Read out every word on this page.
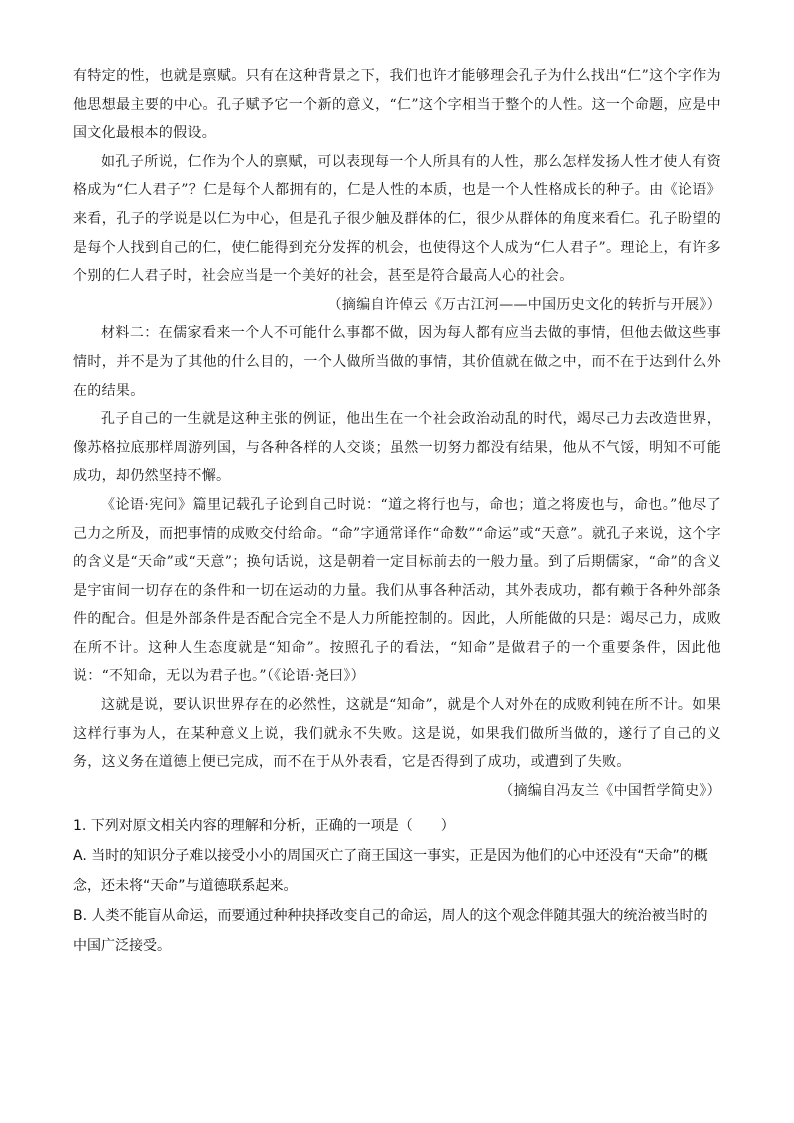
有特定的性，也就是禀赋。只有在这种背景之下，我们也许才能够理会孔子为什么找出“仁”这个字作为他思想最主要的中心。孔子赋予它一个新的意义，“仁”这个字相当于整个的人性。这一个命题，应是中国文化最根本的假设。

如孔子所说，仁作为个人的禀赋，可以表现每一个人所具有的人性，那么怎样发扬人性才使人有资格成为“仁人君子”？仁是每个人都拥有的，仁是人性的本质，也是一个人性格成长的种子。由《论语》来看，孔子的学说是以仁为中心，但是孔子很少触及群体的仁，很少从群体的角度来看仁。孔子盼望的是每个人找到自己的仁，使仁能得到充分发挥的机会，也使得这个人成为“仁人君子”。理论上，有许多个别的仁人君子时，社会应当是一个美好的社会，甚至是符合最高人心的社会。

（摘编自许倬云《万古江河——中国历史文化的转折与开展》）

材料二：在儒家看来一个人不可能什么事都不做，因为每人都有应当去做的事情，但他去做这些事情时，并不是为了其他的什么目的，一个人做所当做的事情，其价值就在做之中，而不在于达到什么外在的结果。

孔子自己的一生就是这种主张的例证，他出生在一个社会政治动乱的时代，竭尽己力去改造世界，像苏格拉底那样周游列国，与各种各样的人交谈；虽然一切努力都没有结果，他从不气馁，明知不可能成功，却仍然坚持不懈。

《论语·宪问》篇里记载孔子论到自己时说：“道之将行也与，命也；道之将废也与，命也。”他尽了己力之所及，而把事情的成败交付给命。“命”字通常译作“命数”“命运”或“天意”。就孔子来说，这个字的含义是“天命”或“天意”；换句话说，这是朝着一定目标前去的一般力量。到了后期儒家，“命”的含义是宇宙间一切存在的条件和一切在运动的力量。我们从事各种活动，其外表成功，都有赖于各种外部条件的配合。但是外部条件是否配合完全不是人力所能控制的。因此，人所能做的只是：竭尽己力，成败在所不计。这种人生态度就是“知命”。按照孔子的看法，“知命”是做君子的一个重要条件，因此他说：“不知命，无以为君子也。”（《论语·尧曰》）

这就是说，要认识世界存在的必然性，这就是“知命”，就是个人对外在的成败利钝在所不计。如果这样行事为人，在某种意义上说，我们就永不失败。这是说，如果我们做所当做的，遂行了自己的义务，这义务在道德上便已完成，而不在于从外表看，它是否得到了成功，或遭到了失败。

（摘编自冯友兰《中国哲学简史》）

1. 下列对原文相关内容的理解和分析，正确的一项是（　　）

A. 当时的知识分子难以接受小小的周国灭亡了商王国这一事实，正是因为他们的心中还没有“天命”的概念，还未将“天命”与道德联系起来。

B. 人类不能盲从命运，而要通过种种抉择改变自己的命运，周人的这个观念伴随其强大的统治被当时的中国广泛接受。
